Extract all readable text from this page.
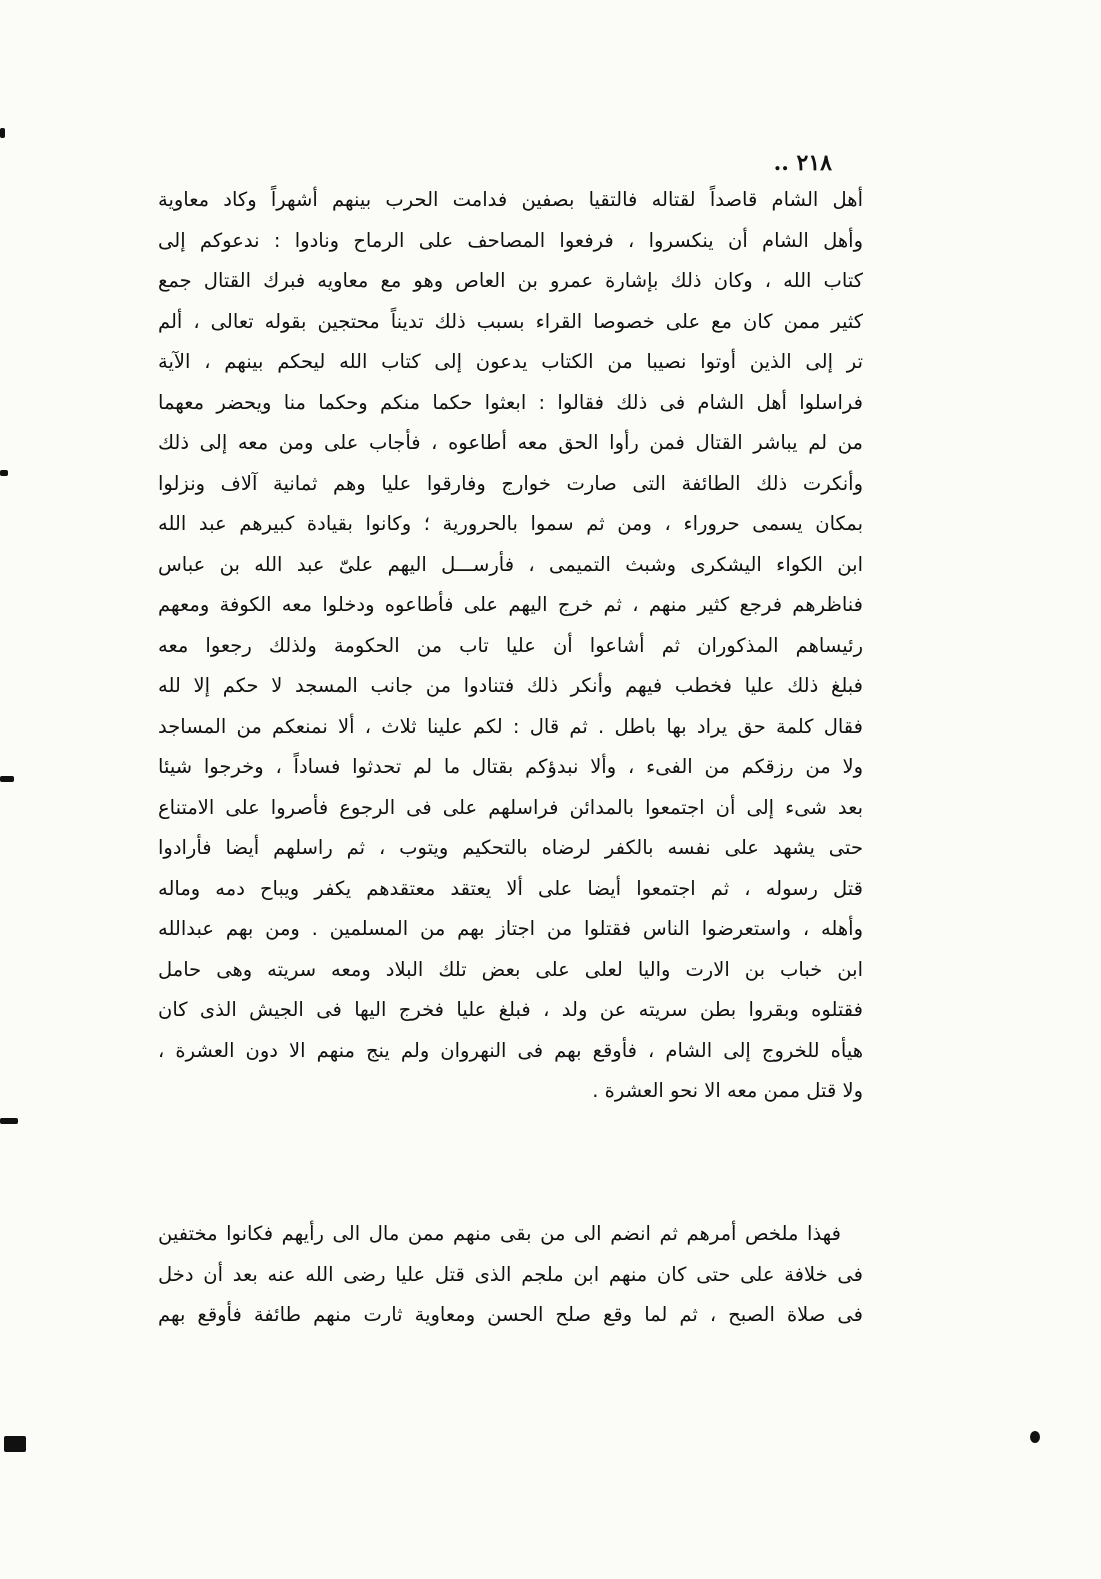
٢١٨ ..
أهل الشام قاصداً لقتاله فالتقيا بصفين فدامت الحرب بينهم أشهراً وكاد معاوية
وأهل الشام أن ينكسروا ، فرفعوا المصاحف على الرماح ونادوا : ندعوكم إلى
كتاب الله ، وكان ذلك بإشارة عمرو بن العاص وهو مع معاويه فبرك القتال جمع
كثير ممن كان مع على خصوصا القراء بسبب ذلك تديناً محتجين بقوله تعالى ، ألم
تر إلى الذين أوتوا نصيبا من الكتاب يدعون إلى كتاب الله ليحكم بينهم ، الآية
فراسلوا أهل الشام فى ذلك فقالوا : ابعثوا حكما منكم وحكما منا ويحضر معهما
من لم يباشر القتال فمن رأوا الحق معه أطاعوه ، فأجاب على ومن معه إلى ذلك
وأنكرت ذلك الطائفة التى صارت خوارج وفارقوا عليا وهم ثمانية آلاف ونزلوا
بمكان يسمى حروراء ، ومن ثم سموا بالحرورية ؛ وكانوا بقيادة كبيرهم عبد الله
ابن الكواء اليشكرى وشبث التميمى ، فأرســـل اليهم علىّ عبد الله بن عباس
فناظرهم فرجع كثير منهم ، ثم خرج اليهم على فأطاعوه ودخلوا معه الكوفة ومعهم
رئيساهم المذكوران ثم أشاعوا أن عليا تاب من الحكومة ولذلك رجعوا معه
فبلغ ذلك عليا فخطب فيهم وأنكر ذلك فتنادوا من جانب المسجد لا حكم إلا لله
فقال كلمة حق يراد بها باطل . ثم قال : لكم علينا ثلاث ، ألا نمنعكم من المساجد
ولا من رزقكم من الفىء ، وألا نبدؤكم بقتال ما لم تحدثوا فساداً ، وخرجوا شيئا
بعد شىء إلى أن اجتمعوا بالمدائن فراسلهم على فى الرجوع فأصروا على الامتناع
حتى يشهد على نفسه بالكفر لرضاه بالتحكيم ويتوب ، ثم راسلهم أيضا فأرادوا
قتل رسوله ، ثم اجتمعوا أيضا على ألا يعتقد معتقدهم يكفر ويباح دمه وماله
وأهله ، واستعرضوا الناس فقتلوا من اجتاز بهم من المسلمين . ومن بهم عبدالله
ابن خباب بن الارت واليا لعلى على بعض تلك البلاد ومعه سريته وهى حامل
فقتلوه وبقروا بطن سريته عن ولد ، فبلغ عليا فخرج اليها فى الجيش الذى كان
هيأه للخروج إلى الشام ، فأوقع بهم فى النهروان ولم ينج منهم الا دون العشرة ،
ولا قتل ممن معه الا نحو العشرة .
فهذا ملخص أمرهم ثم انضم الى من بقى منهم ممن مال الى رأيهم فكانوا مختفين
فى خلافة على حتى كان منهم ابن ملجم الذى قتل عليا رضى الله عنه بعد أن دخل
فى صلاة الصبح ، ثم لما وقع صلح الحسن ومعاوية ثارت منهم طائفة فأوقع بهم
